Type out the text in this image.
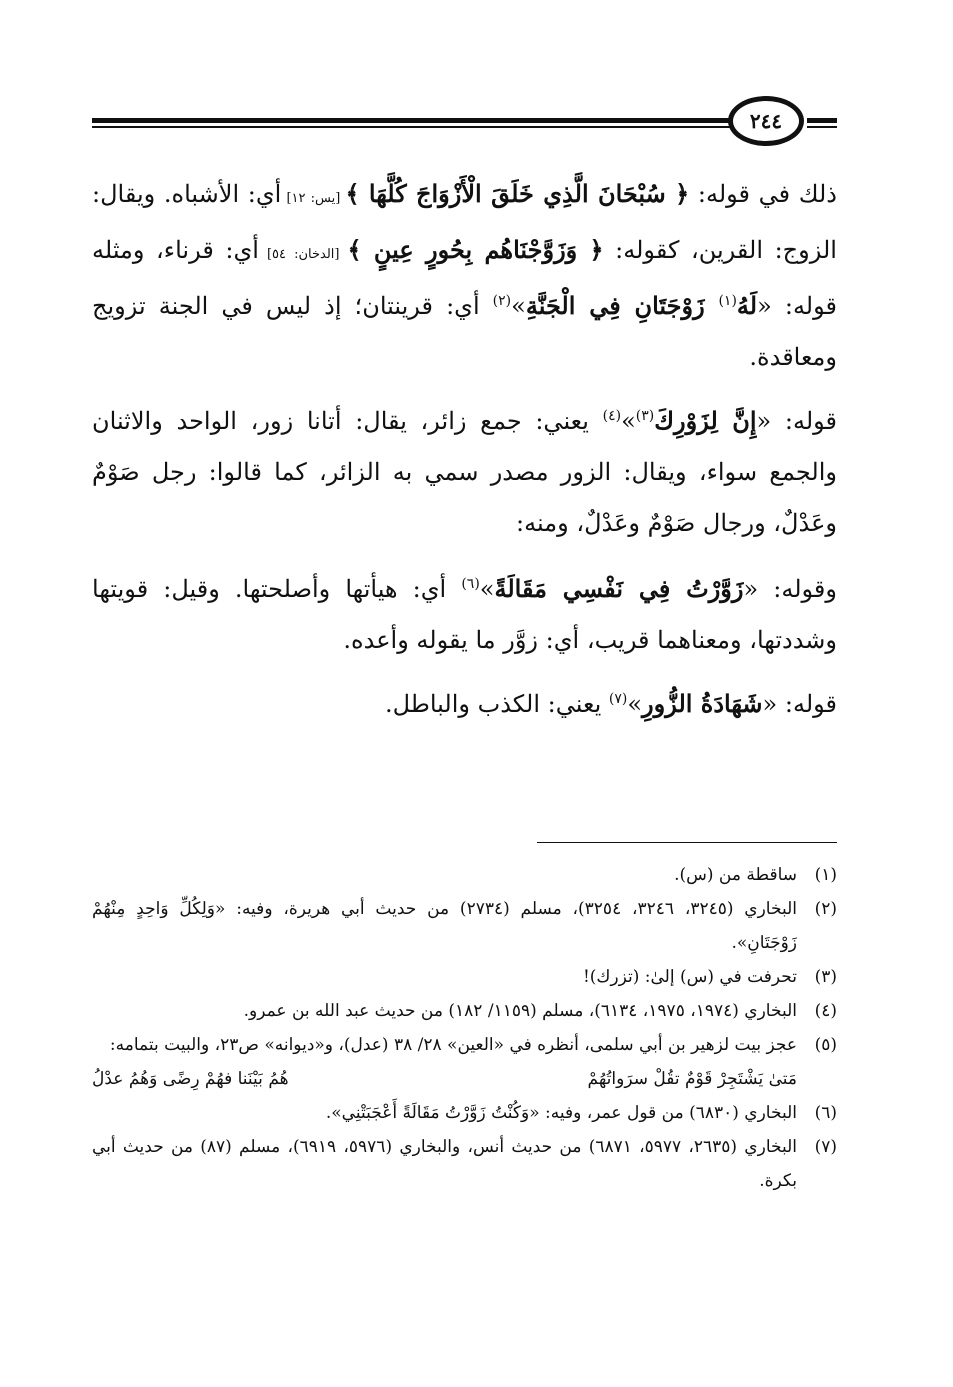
٢٤٤

ذلك في قوله: ﴿ سُبْحَانَ الَّذِي خَلَقَ الْأَزْوَاجَ كُلَّهَا ﴾ [يس: ١٢] أي: الأشباه. ويقال: الزوج: القرين، كقوله: ﴿ وَزَوَّجْنَاهُم بِحُورٍ عِينٍ ﴾ [الدخان: ٥٤] أي: قرناء، ومثله قوله: «لَهُ$^{(١)}$ زَوْجَتَانِ فِي الْجَنَّةِ»$^{(٢)}$ أي: قرينتان؛ إذ ليس في الجنة تزويج ومعاقدة.

قوله: «إِنَّ لِزَوْرِكَ$^{(٣)}$»$^{(٤)}$ يعني: جمع زائر، يقال: أتانا زور، الواحد والاثنان والجمع سواء، ويقال: الزور مصدر سمي به الزائر، كما قالوا: رجل صَوْمٌ وعَدْلٌ، ورجال صَوْمٌ وعَدْلٌ، ومنه:

وقوله: «زَوَّرْتُ فِي نَفْسِي مَقَالَةً»$^{(٦)}$ أي: هيأتها وأصلحتها. وقيل: قويتها وشددتها، ومعناهما قريب، أي: زوَّر ما يقوله وأعده.

قوله: «شَهَادَةُ الزُّورِ»$^{(٧)}$ يعني: الكذب والباطل.

(١)
ساقطة من (س).
(٢)
البخاري (٣٢٤٥، ٣٢٤٦، ٣٢٥٤)، مسلم (٢٧٣٤) من حديث أبي هريرة، وفيه: «وَلِكُلِّ وَاحِدٍ مِنْهُمْ زَوْجَتَانِ».
(٣)
تحرفت في (س) إلىٰ: (تزرك)!
(٤)
البخاري (١٩٧٤، ١٩٧٥، ٦١٣٤)، مسلم (١١٥٩/ ١٨٢) من حديث عبد الله بن عمرو.
(٥)
عجز بيت لزهير بن أبي سلمى، أنظره في «العين» ٢٨/ ٣٨ (عدل)، و«ديوانه» ص٢٣، والبيت بتمامه:
مَتىٰ يَشْتَجِرْ قَوْمٌ تقُلْ سرَواتُهُمْ
هُمُ بَيْنَنا فهُمْ رِضًى وَهُمُ عدْلُ
(٦)
البخاري (٦٨٣٠) من قول عمر، وفيه: «وَكُنْتُ زَوَّرْتُ مَقَالَةً أَعْجَبَتْنِي».
(٧)
البخاري (٢٦٣٥، ٥٩٧٧، ٦٨٧١) من حديث أنس، والبخاري (٥٩٧٦، ٦٩١٩)، مسلم (٨٧) من حديث أبي بكرة.
